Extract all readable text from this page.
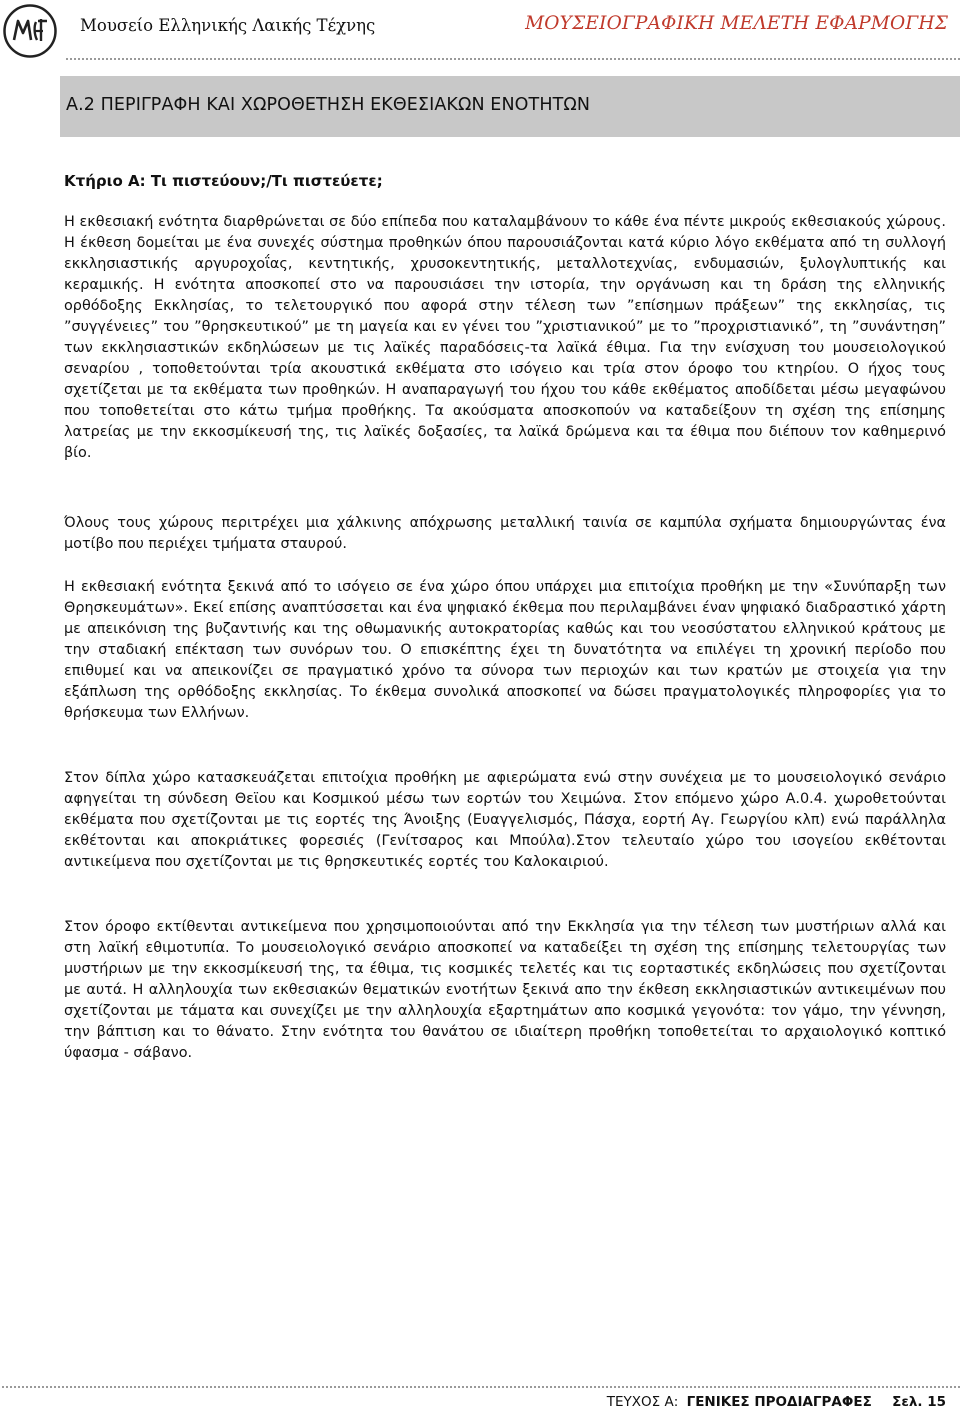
Μουσείο Ελληνικής Λαικής Τέχνης	ΜΟΥΣΕΙΟΓΡΑΦΙΚΗ ΜΕΛΕΤΗ ΕΦΑΡΜΟΓΗΣ
Α.2 ΠΕΡΙΓΡΑΦΗ ΚΑΙ ΧΩΡΟΘΕΤΗΣΗ ΕΚΘΕΣΙΑΚΩΝ ΕΝΟΤΗΤΩΝ
Κτήριο Α: Τι πιστεύουν;/Τι πιστεύετε;

Η εκθεσιακή ενότητα διαρθρώνεται σε δύο επίπεδα που καταλαμβάνουν το κάθε ένα πέντε μικρούς εκθεσιακούς χώρους. Η έκθεση δομείται με ένα συνεχές σύστημα προθηκών όπου παρουσιάζονται κατά κύριο λόγο εκθέματα από τη συλλογή εκκλησιαστικής αργυροχοΐας, κεντητικής, χρυσοκεντητικής, μεταλλοτεχνίας, ενδυμασιών, ξυλογλυπτικής και κεραμικής. Η ενότητα αποσκοπεί στο να παρουσιάσει την ιστορία, την οργάνωση και τη δράση της ελληνικής ορθόδοξης Εκκλησίας, το τελετουργικό που αφορά στην τέλεση των ”επίσημων πράξεων” της εκκλησίας, τις ”συγγένειες” του ”θρησκευτικού” με τη μαγεία και εν γένει του ”χριστιανικού” με το ”προχριστιανικό”, τη ”συνάντηση” των εκκλησιαστικών εκδηλώσεων με τις λαϊκές παραδόσεις-τα λαϊκά έθιμα. Για την ενίσχυση του μουσειολογικού σεναρίου , τοποθετούνται τρία ακουστικά εκθέματα στο ισόγειο και τρία στον όροφο του κτηρίου. Ο ήχος τους σχετίζεται με τα εκθέματα των προθηκών. Η αναπαραγωγή του ήχου του κάθε εκθέματος αποδίδεται μέσω μεγαφώνου που τοποθετείται στο κάτω τμήμα προθήκης. Τα ακούσματα αποσκοπούν να καταδείξουν τη σχέση της επίσημης λατρείας με την εκκοσμίκευσή της, τις λαϊκές δοξασίες, τα λαϊκά δρώμενα και τα έθιμα που διέπουν τον καθημερινό βίο.

Όλους τους χώρους περιτρέχει μια χάλκινης απόχρωσης μεταλλική ταινία σε καμπύλα σχήματα δημιουργώντας ένα μοτίβο που περιέχει τμήματα σταυρού.

Η εκθεσιακή ενότητα ξεκινά από το ισόγειο σε ένα χώρο όπου υπάρχει μια επιτοίχια προθήκη με την «Συνύπαρξη των Θρησκευμάτων». Εκεί επίσης αναπτύσσεται και ένα ψηφιακό έκθεμα που περιλαμβάνει έναν ψηφιακό διαδραστικό χάρτη με απεικόνιση της βυζαντινής και της οθωμανικής αυτοκρατορίας καθώς και του νεοσύστατου ελληνικού κράτους με την σταδιακή επέκταση των συνόρων του. Ο επισκέπτης έχει τη δυνατότητα να επιλέγει τη χρονική περίοδο που επιθυμεί και να απεικονίζει σε πραγματικό χρόνο τα σύνορα των περιοχών και των κρατών με στοιχεία για την εξάπλωση της ορθόδοξης εκκλησίας. Το έκθεμα συνολικά αποσκοπεί να δώσει πραγματολογικές πληροφορίες για το θρήσκευμα των Ελλήνων.

Στον δίπλα χώρο κατασκευάζεται επιτοίχια προθήκη με αφιερώματα ενώ στην συνέχεια με το μουσειολογικό σενάριο αφηγείται τη σύνδεση Θεϊου και Κοσμικού μέσω των εορτών του Χειμώνα. Στον επόμενο χώρο Α.0.4. χωροθετούνται εκθέματα που σχετίζονται με τις εορτές της Άνοιξης (Ευαγγελισμός, Πάσχα, εορτή Αγ. Γεωργίου κλπ) ενώ παράλληλα εκθέτονται και αποκριάτικες φορεσιές (Γενίτσαρος και Μπούλα).Στον τελευταίο χώρο του ισογείου εκθέτονται αντικείμενα που σχετίζονται με τις θρησκευτικές εορτές του Καλοκαιριού.

Στον όροφο εκτίθενται αντικείμενα που χρησιμοποιούνται από την Εκκλησία για την τέλεση των μυστήριων αλλά και στη λαϊκή εθιμοτυπία. Το μουσειολογικό σενάριο αποσκοπεί να καταδείξει τη σχέση της επίσημης τελετουργίας των μυστήριων με την εκκοσμίκευσή της, τα έθιμα, τις κοσμικές τελετές και τις εορταστικές εκδηλώσεις που σχετίζονται με αυτά. Η αλληλουχία των εκθεσιακών θεματικών ενοτήτων ξεκινά απο την έκθεση εκκλησιαστικών αντικειμένων που σχετίζονται με τάματα και συνεχίζει με την αλληλουχία εξαρτημάτων απο κοσμικά γεγονότα: τον γάμο, την γέννηση, την βάπτιση και το θάνατο. Στην ενότητα του θανάτου σε ιδιαίτερη προθήκη τοποθετείται το αρχαιολογικό κοπτικό ύφασμα - σάβανο.

ΤΕΥΧΟΣ Α: ΓΕΝΙΚΕΣ ΠΡΟΔΙΑΓΡΑΦΕΣ Σελ. 15
